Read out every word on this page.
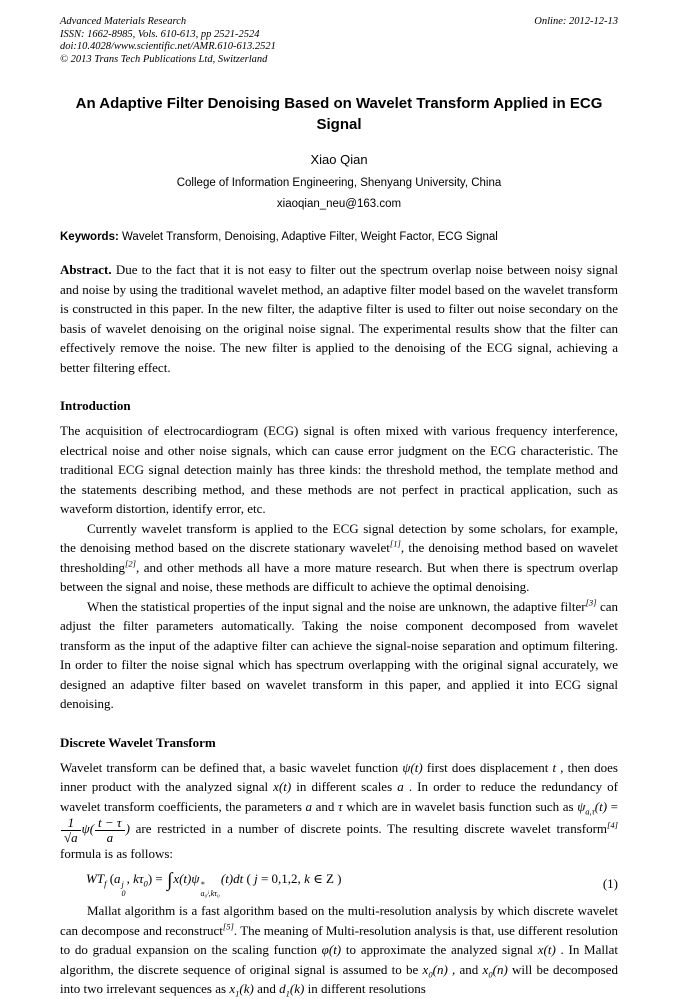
Advanced Materials Research
ISSN: 1662-8985, Vols. 610-613, pp 2521-2524
doi:10.4028/www.scientific.net/AMR.610-613.2521
© 2013 Trans Tech Publications Ltd, Switzerland
Online: 2012-12-13
An Adaptive Filter Denoising Based on Wavelet Transform Applied in ECG Signal
Xiao Qian
College of Information Engineering, Shenyang University, China
xiaoqian_neu@163.com

Keywords: Wavelet Transform, Denoising, Adaptive Filter, Weight Factor, ECG Signal

Abstract. Due to the fact that it is not easy to filter out the spectrum overlap noise between noisy signal and noise by using the traditional wavelet method, an adaptive filter model based on the wavelet transform is constructed in this paper. In the new filter, the adaptive filter is used to filter out noise secondary on the basis of wavelet denoising on the original noise signal. The experimental results show that the filter can effectively remove the noise. The new filter is applied to the denoising of the ECG signal, achieving a better filtering effect.

Introduction

The acquisition of electrocardiogram (ECG) signal is often mixed with various frequency interference, electrical noise and other noise signals, which can cause error judgment on the ECG characteristic. The traditional ECG signal detection mainly has three kinds: the threshold method, the template method and the statements describing method, and these methods are not perfect in practical application, such as waveform distortion, identify error, etc.

Currently wavelet transform is applied to the ECG signal detection by some scholars, for example, the denoising method based on the discrete stationary wavelet[1], the denoising method based on wavelet thresholding[2], and other methods all have a more mature research. But when there is spectrum overlap between the signal and noise, these methods are difficult to achieve the optimal denoising.

When the statistical properties of the input signal and the noise are unknown, the adaptive filter[3] can adjust the filter parameters automatically. Taking the noise component decomposed from wavelet transform as the input of the adaptive filter can achieve the signal-noise separation and optimum filtering. In order to filter the noise signal which has spectrum overlapping with the original signal accurately, we designed an adaptive filter based on wavelet transform in this paper, and applied it into ECG signal denoising.

Discrete Wavelet Transform

Wavelet transform can be defined that, a basic wavelet function ψ(t) first does displacement t , then does inner product with the analyzed signal x(t) in different scales a . In order to reduce the redundancy of wavelet transform coefficients, the parameters a and τ which are in wavelet basis function such as $\psi_{a,\tau}(t)$ =
$\frac{1}{√a} \psi( \frac{t - \tau}{a}$ ) are restricted in a number of discrete points. The resulting discrete wavelet transform[4] formula is as follows:

$WT_f$ (a j
0
, $k\tau_0) = \int x(t)\psi$ *
a₀ʲ,kτ₀
(t)dt ( j = 0,1,2, k ∈ Z )	(1)

Mallat algorithm is a fast algorithm based on the multi-resolution analysis by which discrete wavelet can decompose and reconstruct[5]. The meaning of Multi-resolution analysis is that, use different resolution to do gradual expansion on the scaling function φ(t) to approximate the analyzed signal x(t) . In Mallat algorithm, the discrete sequence of original signal is assumed to be $x_0(n)$ , and $x_0(n)$ will be decomposed into two irrelevant sequences as $x_1(k)$ and $d_1(k)$ in different resolutions
